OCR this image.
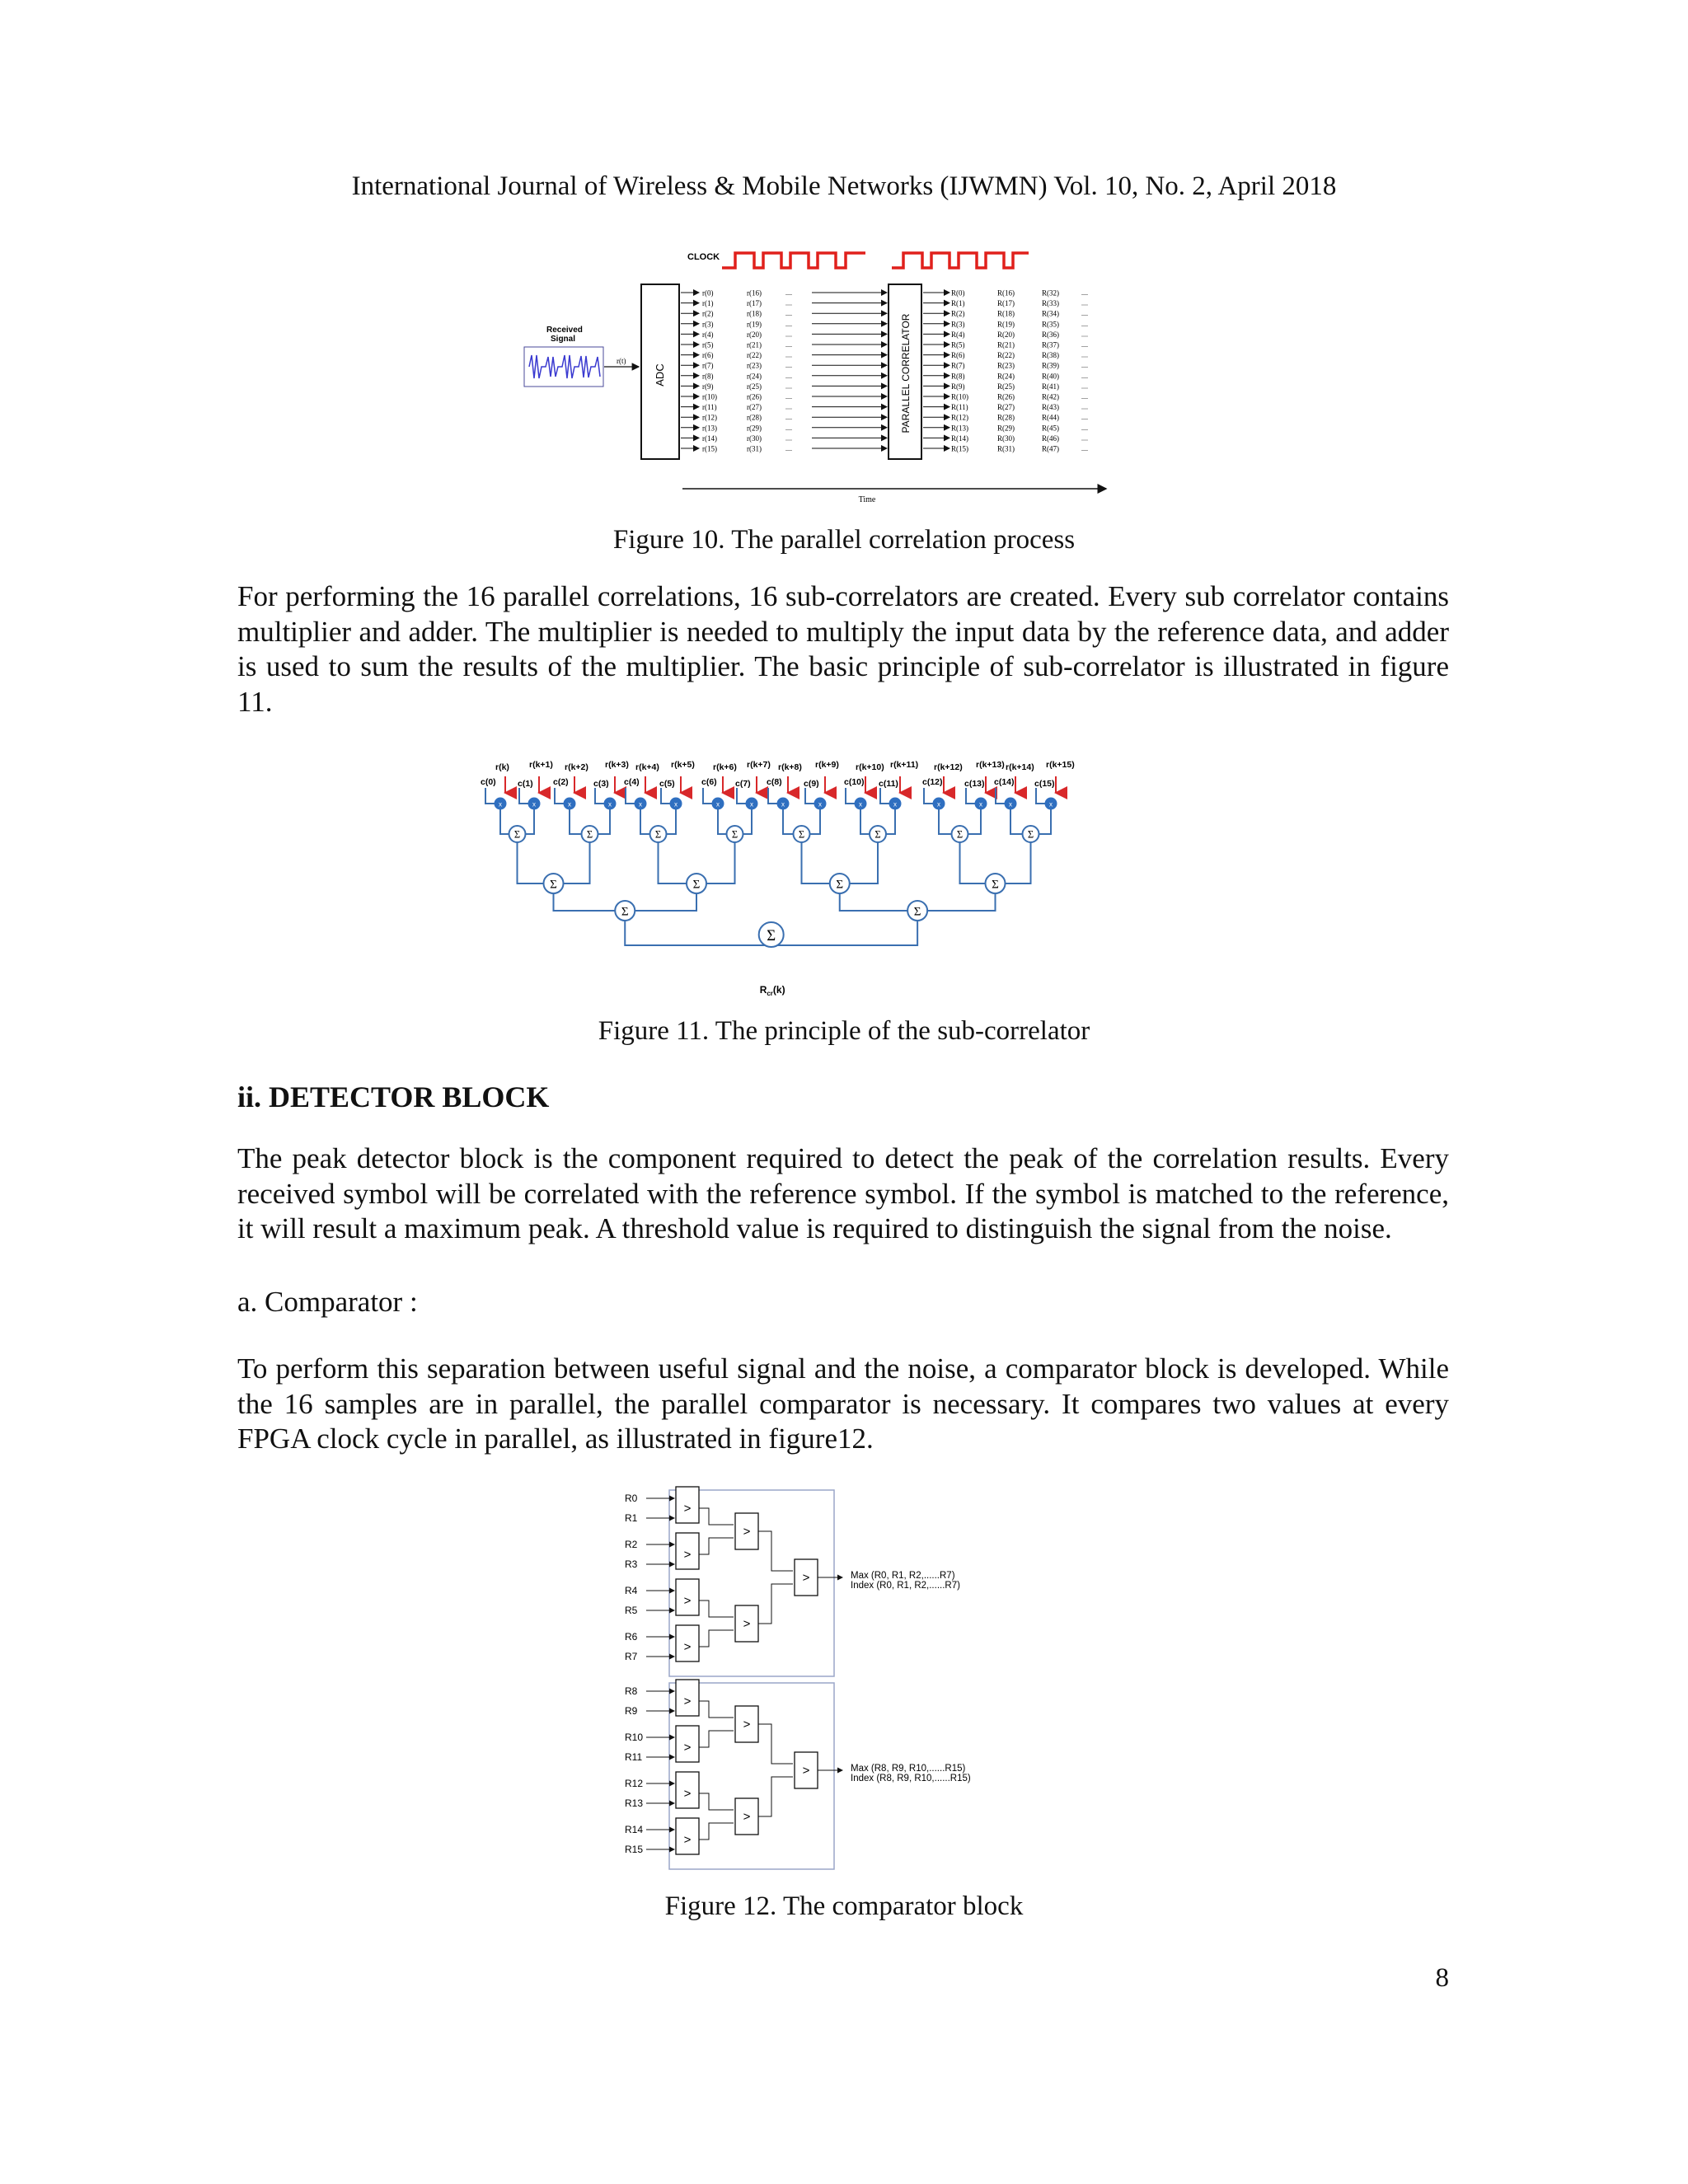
International Journal of Wireless & Mobile Networks (IJWMN) Vol. 10, No. 2, April 2018
CLOCK
Received
Signal
r(t)
ADC	PARALLEL CORRELATOR
r(0)	r(16)	....	R(0)	R(16)	R(32)	....
r(1)	r(17)	....	R(1)	R(17)	R(33)	....
r(2)	r(18)	....	R(2)	R(18)	R(34)	....
r(3)	r(19)	....	R(3)	R(19)	R(35)	....
r(4)	r(20)	....	R(4)	R(20)	R(36)	....
r(5)	r(21)	....	R(5)	R(21)	R(37)	....
r(6)	r(22)	....	R(6)	R(22)	R(38)	....
r(7)	r(23)	....	R(7)	R(23)	R(39)	....
r(8)	r(24)	....	R(8)	R(24)	R(40)	....
r(9)	r(25)	....	R(9)	R(25)	R(41)	....
r(10)	r(26)	....	R(10)	R(26)	R(42)	....
r(11)	r(27)	....	R(11)	R(27)	R(43)	....
r(12)	r(28)	....	R(12)	R(28)	R(44)	....
r(13)	r(29)	....	R(13)	R(29)	R(45)	....
r(14)	r(30)	....	R(14)	R(30)	R(46)	....
r(15)	r(31)	....	R(15)	R(31)	R(47)	....
Time
Figure 10. The parallel correlation process
For performing the 16 parallel correlations, 16 sub-correlators are created. Every sub correlator contains multiplier and adder. The multiplier is needed to multiply the input data by the reference data, and adder is used to sum the results of the multiplier. The basic principle of sub-correlator is illustrated in figure 11.
r(k)
c(0)
x
r(k+1)
c(1)
x
r(k+2)
c(2)
x
r(k+3)
c(3)
x
r(k+4)
c(4)
x
r(k+5)
c(5)
x
r(k+6)
c(6)
x
r(k+7)
c(7)
x
r(k+8)
c(8)
x
r(k+9)
c(9)
x
r(k+10)
c(10)
x
r(k+11)
c(11)
x
r(k+12)
c(12)
x
r(k+13)
c(13)
x
r(k+14)
c(14)
x
r(k+15)
c(15)
x
Σ	Σ	Σ	Σ	Σ	Σ	Σ	Σ
Σ	Σ	Σ	Σ
Σ	Σ
Σ
$R_{cr}(k)$
Figure 11. The principle of the sub-correlator
ii. DETECTOR BLOCK
The peak detector block is the component required to detect the peak of the correlation results. Every received symbol will be correlated with the reference symbol. If the symbol is matched to the reference, it will result a maximum peak. A threshold value is required to distinguish the signal from the noise.
a. Comparator :
To perform this separation between useful signal and the noise, a comparator block is developed. While the 16 samples are in parallel, the parallel comparator is necessary. It compares two values at every FPGA clock cycle in parallel, as illustrated in figure12.
R0
R1
R2
R3
R4
R5
R6
R7
>
>
>
>
>
>
>	Max (R0, R1, R2,......R7)
Index (R0, R1, R2,......R7)
R8
R9
R10
R11
R12
R13
R14
R15
>
>
>
>
>
>
>	Max (R8, R9, R10,......R15)
Index (R8, R9, R10,......R15)
Figure 12. The comparator block
8
